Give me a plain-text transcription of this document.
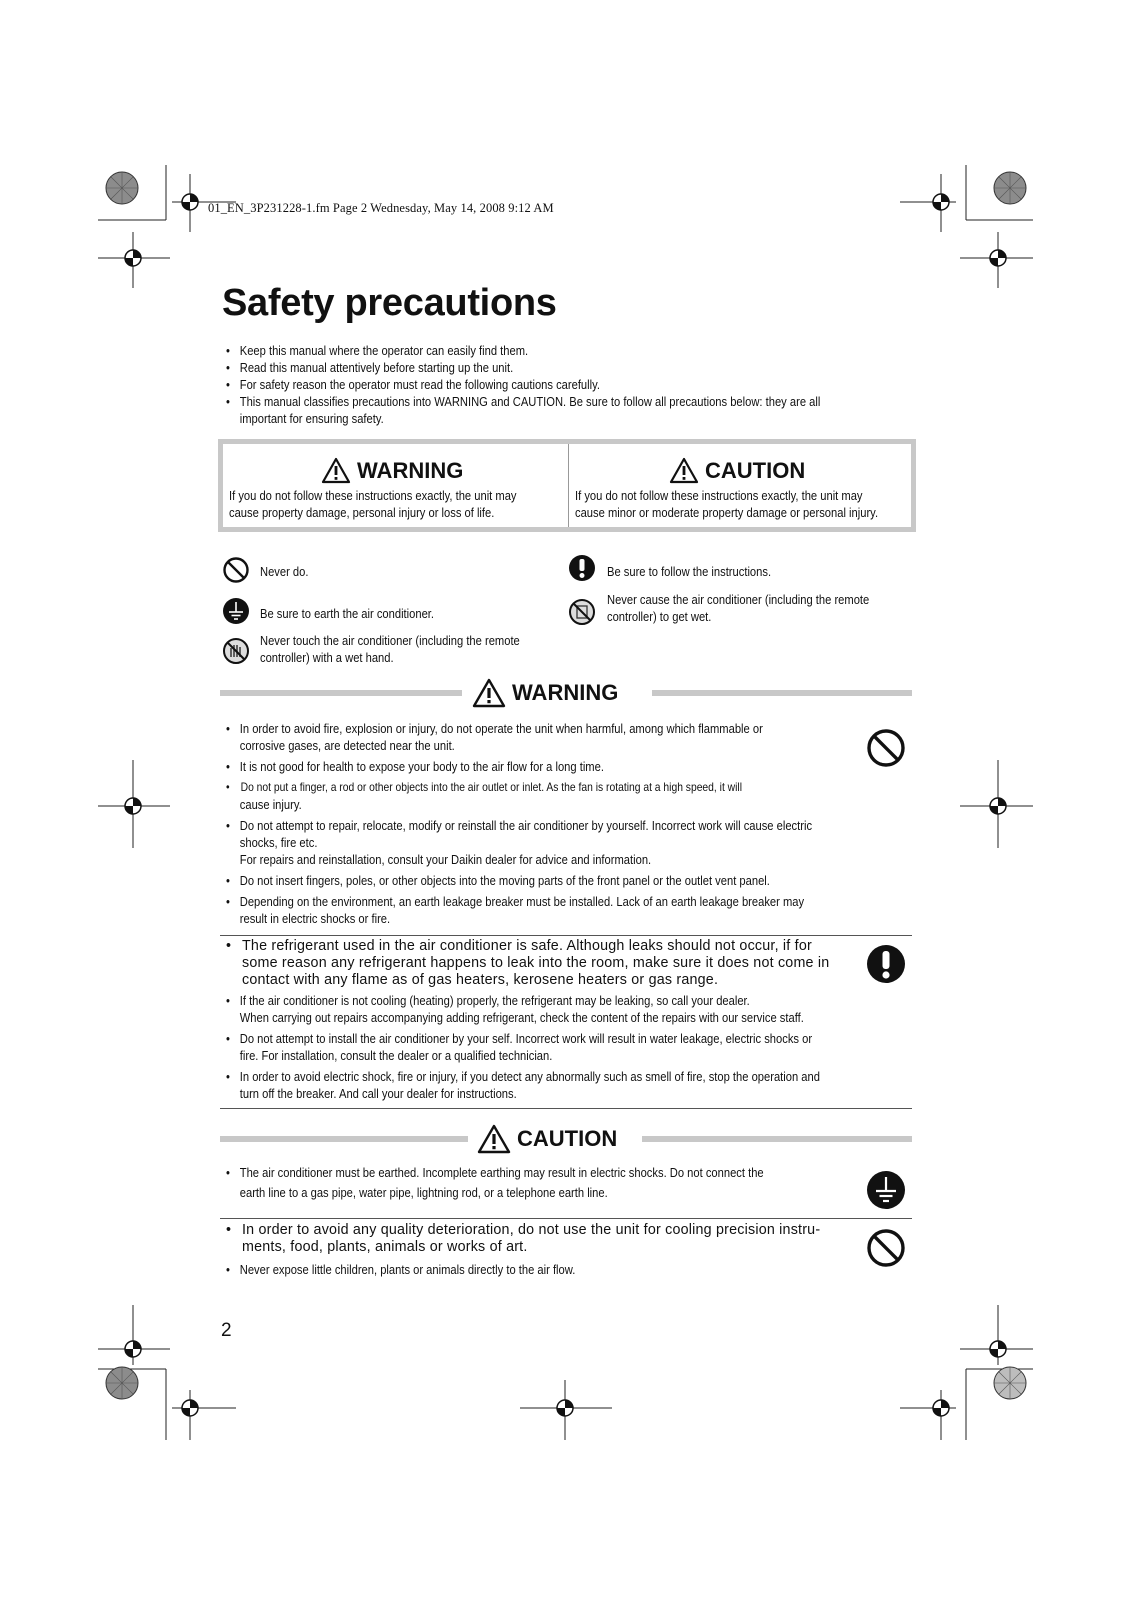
01_EN_3P231228-1.fm Page 2 Wednesday, May 14, 2008 9:12 AM
Safety precautions
• Keep this manual where the operator can easily find them.
• Read this manual attentively before starting up the unit.
• For safety reason the operator must read the following cautions carefully.
• This manual classifies precautions into WARNING and CAUTION. Be sure to follow all precautions below: they are all
important for ensuring safety.
WARNING
If you do not follow these instructions exactly, the unit may
cause property damage, personal injury or loss of life.
CAUTION
If you do not follow these instructions exactly, the unit may
cause minor or moderate property damage or personal injury.
Never do.
Be sure to earth the air conditioner.
Never touch the air conditioner (including the remote
controller) with a wet hand.
Be sure to follow the instructions.
Never cause the air conditioner (including the remote
controller) to get wet.
WARNING
• In order to avoid fire, explosion or injury, do not operate the unit when harmful, among which flammable or
corrosive gases, are detected near the unit.
• It is not good for health to expose your body to the air flow for a long time.
• Do not put a finger, a rod or other objects into the air outlet or inlet. As the fan is rotating at a high speed, it will
cause injury.
• Do not attempt to repair, relocate, modify or reinstall the air conditioner by yourself. Incorrect work will cause electric
shocks, fire etc.
For repairs and reinstallation, consult your Daikin dealer for advice and information.
• Do not insert fingers, poles, or other objects into the moving parts of the front panel or the outlet vent panel.
• Depending on the environment, an earth leakage breaker must be installed. Lack of an earth leakage breaker may
result in electric shocks or fire.
• The refrigerant used in the air conditioner is safe. Although leaks should not occur, if for
some reason any refrigerant happens to leak into the room, make sure it does not come in
contact with any flame as of gas heaters, kerosene heaters or gas range.
• If the air conditioner is not cooling (heating) properly, the refrigerant may be leaking, so call your dealer.
When carrying out repairs accompanying adding refrigerant, check the content of the repairs with our service staff.
• Do not attempt to install the air conditioner by your self. Incorrect work will result in water leakage, electric shocks or
fire. For installation, consult the dealer or a qualified technician.
• In order to avoid electric shock, fire or injury, if you detect any abnormally such as smell of fire, stop the operation and
turn off the breaker. And call your dealer for instructions.
CAUTION
• The air conditioner must be earthed. Incomplete earthing may result in electric shocks. Do not connect the
earth line to a gas pipe, water pipe, lightning rod, or a telephone earth line.
• In order to avoid any quality deterioration, do not use the unit for cooling precision instru-
ments, food, plants, animals or works of art.
• Never expose little children, plants or animals directly to the air flow.
2
